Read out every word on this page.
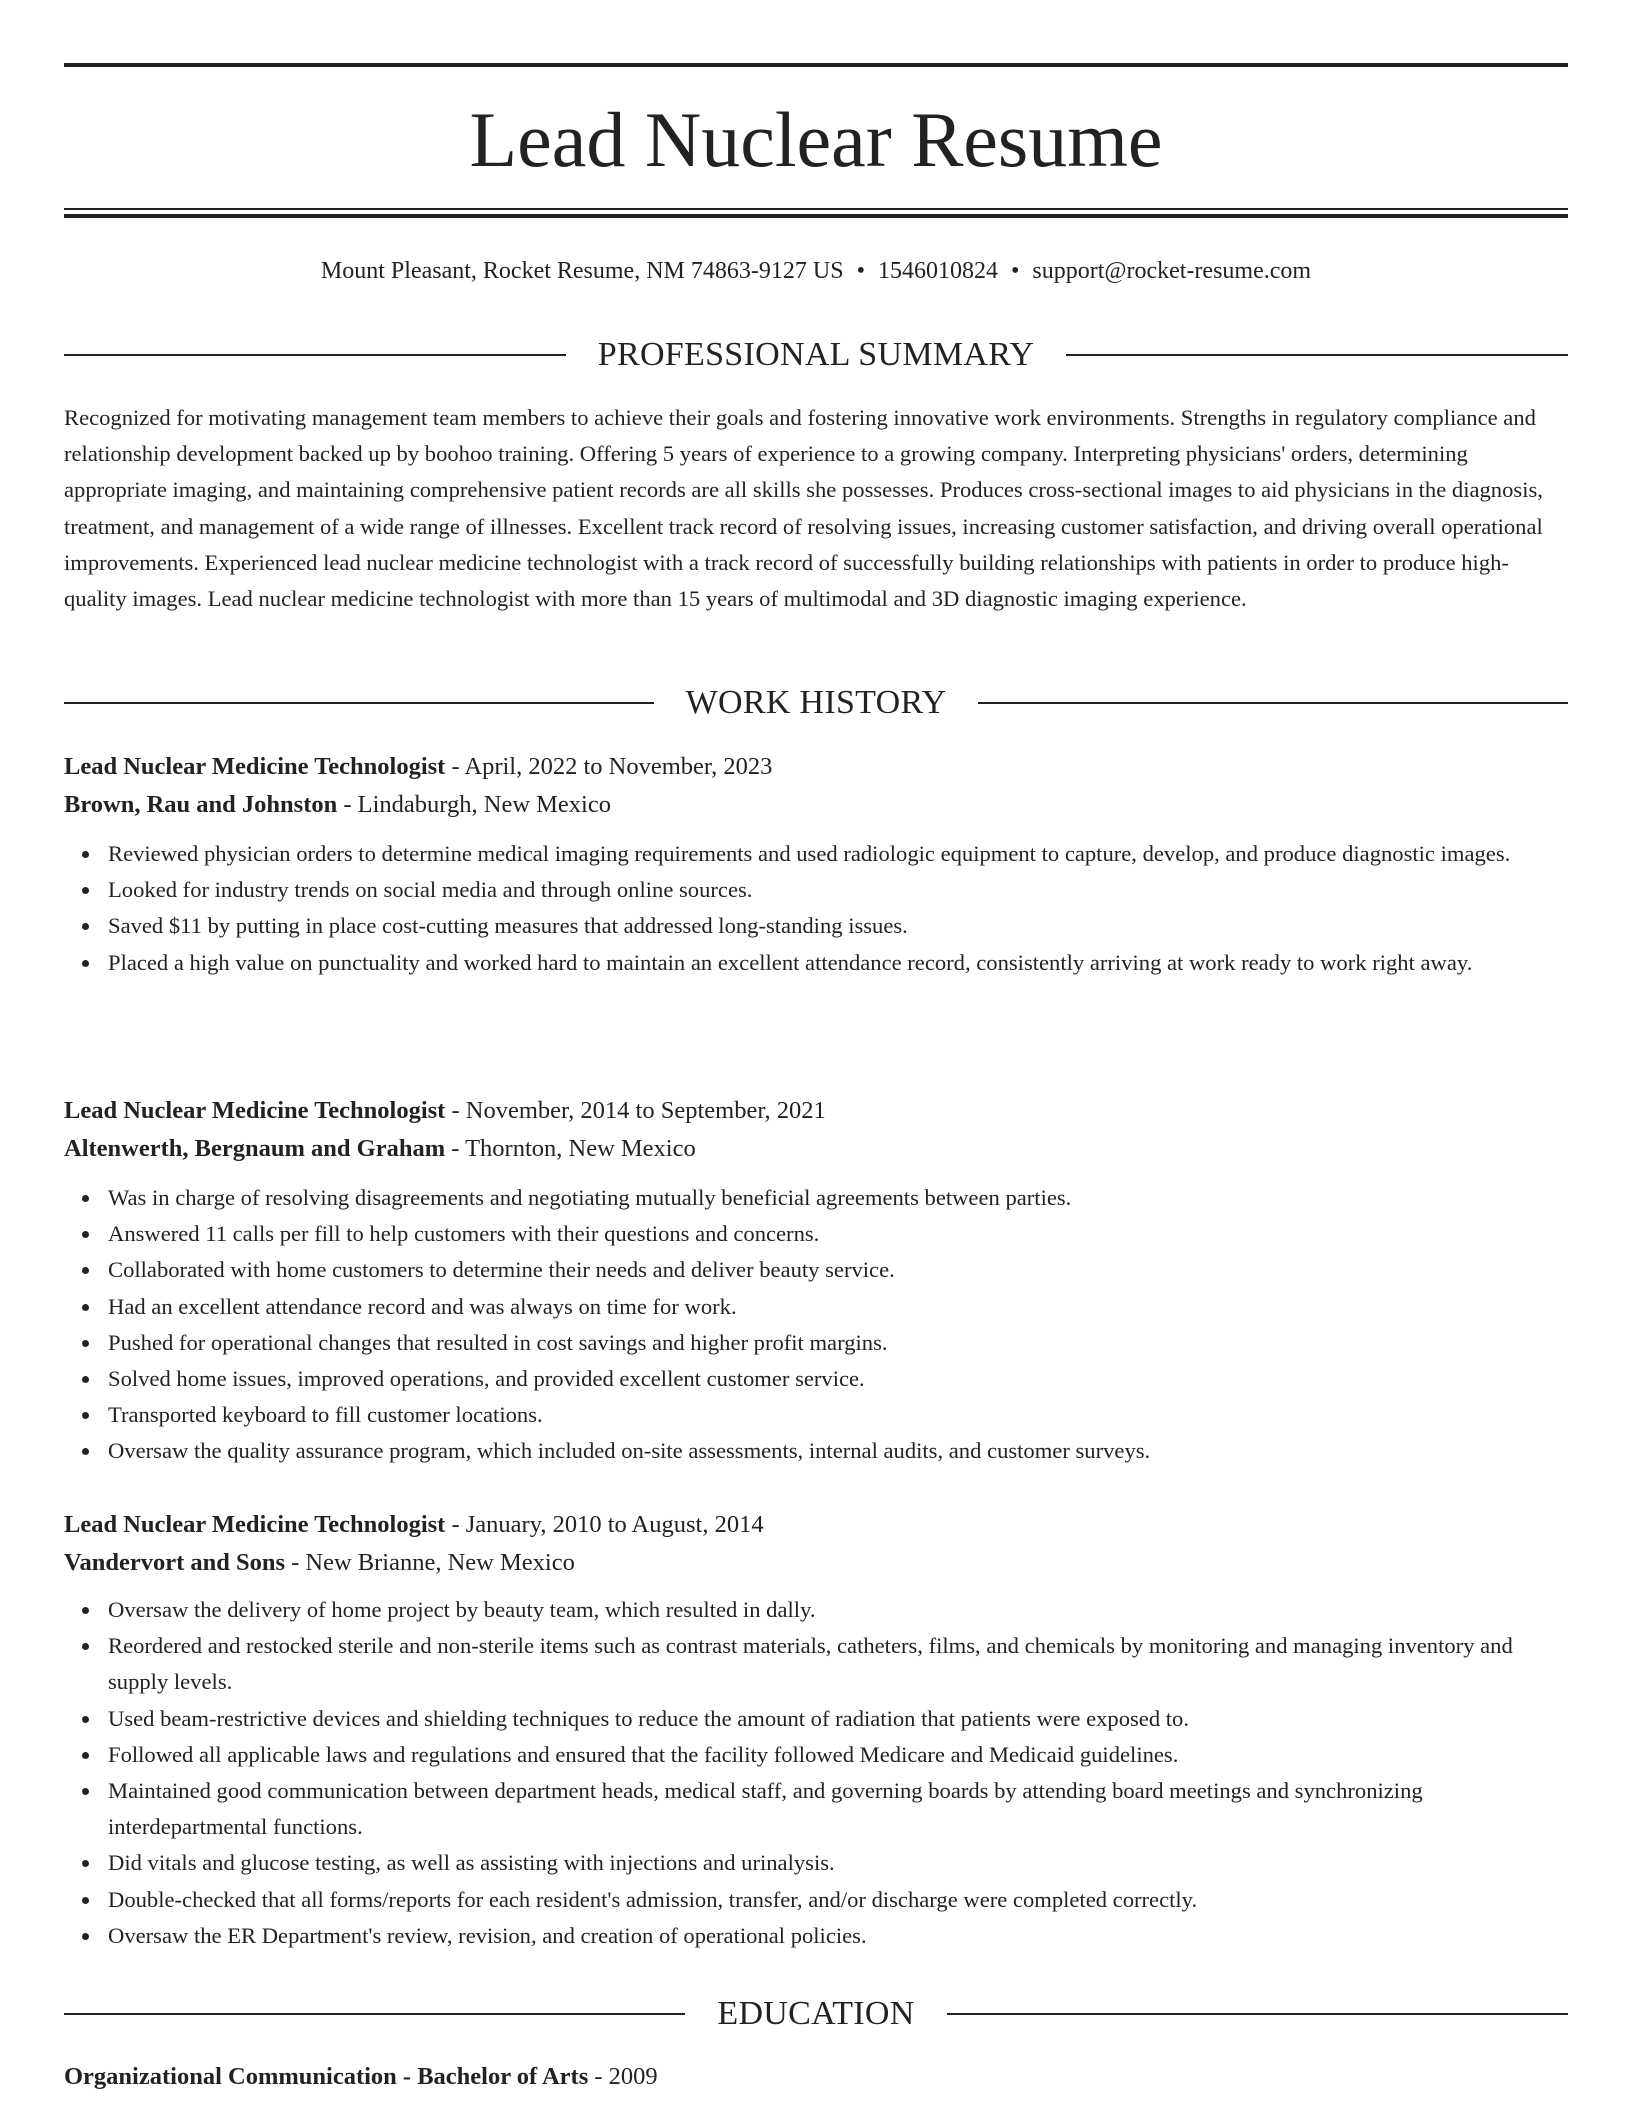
Lead Nuclear Resume
Mount Pleasant, Rocket Resume, NM 74863-9127 US • 1546010824 • support@rocket-resume.com
PROFESSIONAL SUMMARY

Recognized for motivating management team members to achieve their goals and fostering innovative work environments. Strengths in regulatory compliance and relationship development backed up by boohoo training. Offering 5 years of experience to a growing company. Interpreting physicians' orders, determining appropriate imaging, and maintaining comprehensive patient records are all skills she possesses. Produces cross-sectional images to aid physicians in the diagnosis, treatment, and management of a wide range of illnesses. Excellent track record of resolving issues, increasing customer satisfaction, and driving overall operational improvements. Experienced lead nuclear medicine technologist with a track record of successfully building relationships with patients in order to produce high-quality images. Lead nuclear medicine technologist with more than 15 years of multimodal and 3D diagnostic imaging experience.

WORK HISTORY

Lead Nuclear Medicine Technologist - April, 2022 to November, 2023

Brown, Rau and Johnston - Lindaburgh, New Mexico

Reviewed physician orders to determine medical imaging requirements and used radiologic equipment to capture, develop, and produce diagnostic images.
Looked for industry trends on social media and through online sources.
Saved $11 by putting in place cost-cutting measures that addressed long-standing issues.
Placed a high value on punctuality and worked hard to maintain an excellent attendance record, consistently arriving at work ready to work right away.

Lead Nuclear Medicine Technologist - November, 2014 to September, 2021

Altenwerth, Bergnaum and Graham - Thornton, New Mexico

Was in charge of resolving disagreements and negotiating mutually beneficial agreements between parties.
Answered 11 calls per fill to help customers with their questions and concerns.
Collaborated with home customers to determine their needs and deliver beauty service.
Had an excellent attendance record and was always on time for work.
Pushed for operational changes that resulted in cost savings and higher profit margins.
Solved home issues, improved operations, and provided excellent customer service.
Transported keyboard to fill customer locations.
Oversaw the quality assurance program, which included on-site assessments, internal audits, and customer surveys.

Lead Nuclear Medicine Technologist - January, 2010 to August, 2014

Vandervort and Sons - New Brianne, New Mexico

Oversaw the delivery of home project by beauty team, which resulted in dally.
Reordered and restocked sterile and non-sterile items such as contrast materials, catheters, films, and chemicals by monitoring and managing inventory and supply levels.
Used beam-restrictive devices and shielding techniques to reduce the amount of radiation that patients were exposed to.
Followed all applicable laws and regulations and ensured that the facility followed Medicare and Medicaid guidelines.
Maintained good communication between department heads, medical staff, and governing boards by attending board meetings and synchronizing interdepartmental functions.
Did vitals and glucose testing, as well as assisting with injections and urinalysis.
Double-checked that all forms/reports for each resident's admission, transfer, and/or discharge were completed correctly.
Oversaw the ER Department's review, revision, and creation of operational policies.
EDUCATION

Organizational Communication - Bachelor of Arts - 2009
